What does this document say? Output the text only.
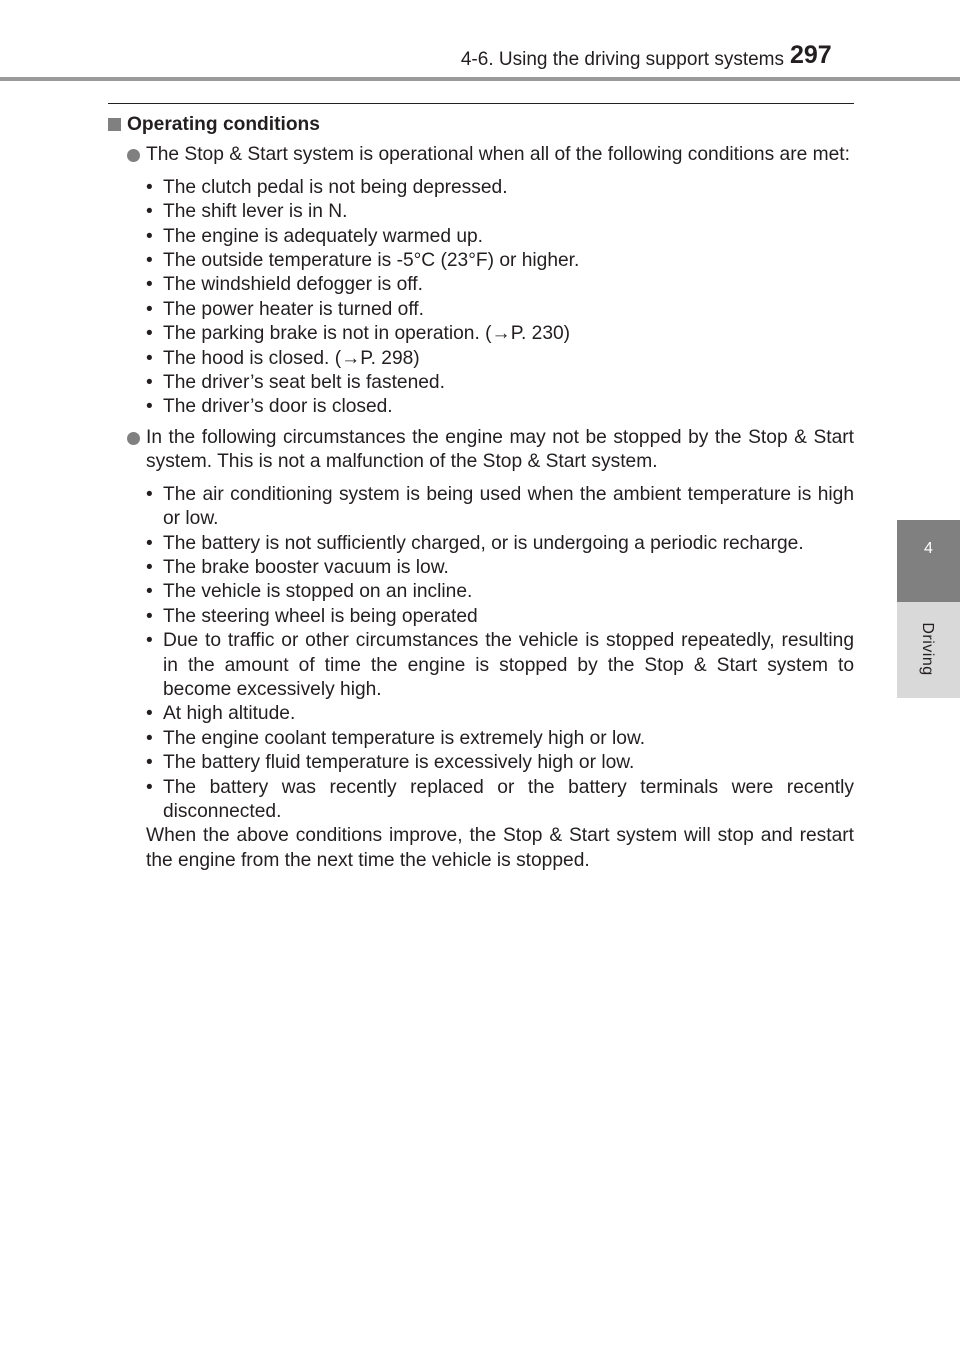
4-6. Using the driving support systems 297
4
Driving
Operating conditions
The Stop & Start system is operational when all of the following conditions are met:
• The clutch pedal is not being depressed.
• The shift lever is in N.
• The engine is adequately warmed up.
• The outside temperature is -5°C (23°F) or higher.
• The windshield defogger is off.
• The power heater is turned off.
• The parking brake is not in operation. (→P. 230)
• The hood is closed. (→P. 298)
• The driver’s seat belt is fastened.
• The driver’s door is closed.
In the following circumstances the engine may not be stopped by the Stop & Start system. This is not a malfunction of the Stop & Start system.
• The air conditioning system is being used when the ambient temperature is high or low.
• The battery is not sufficiently charged, or is undergoing a periodic recharge.
• The brake booster vacuum is low.
• The vehicle is stopped on an incline.
• The steering wheel is being operated
• Due to traffic or other circumstances the vehicle is stopped repeatedly, resulting in the amount of time the engine is stopped by the Stop & Start system to become excessively high.
• At high altitude.
• The engine coolant temperature is extremely high or low.
• The battery fluid temperature is excessively high or low.
• The battery was recently replaced or the battery terminals were recently disconnected.

When the above conditions improve, the Stop & Start system will stop and restart the engine from the next time the vehicle is stopped.
